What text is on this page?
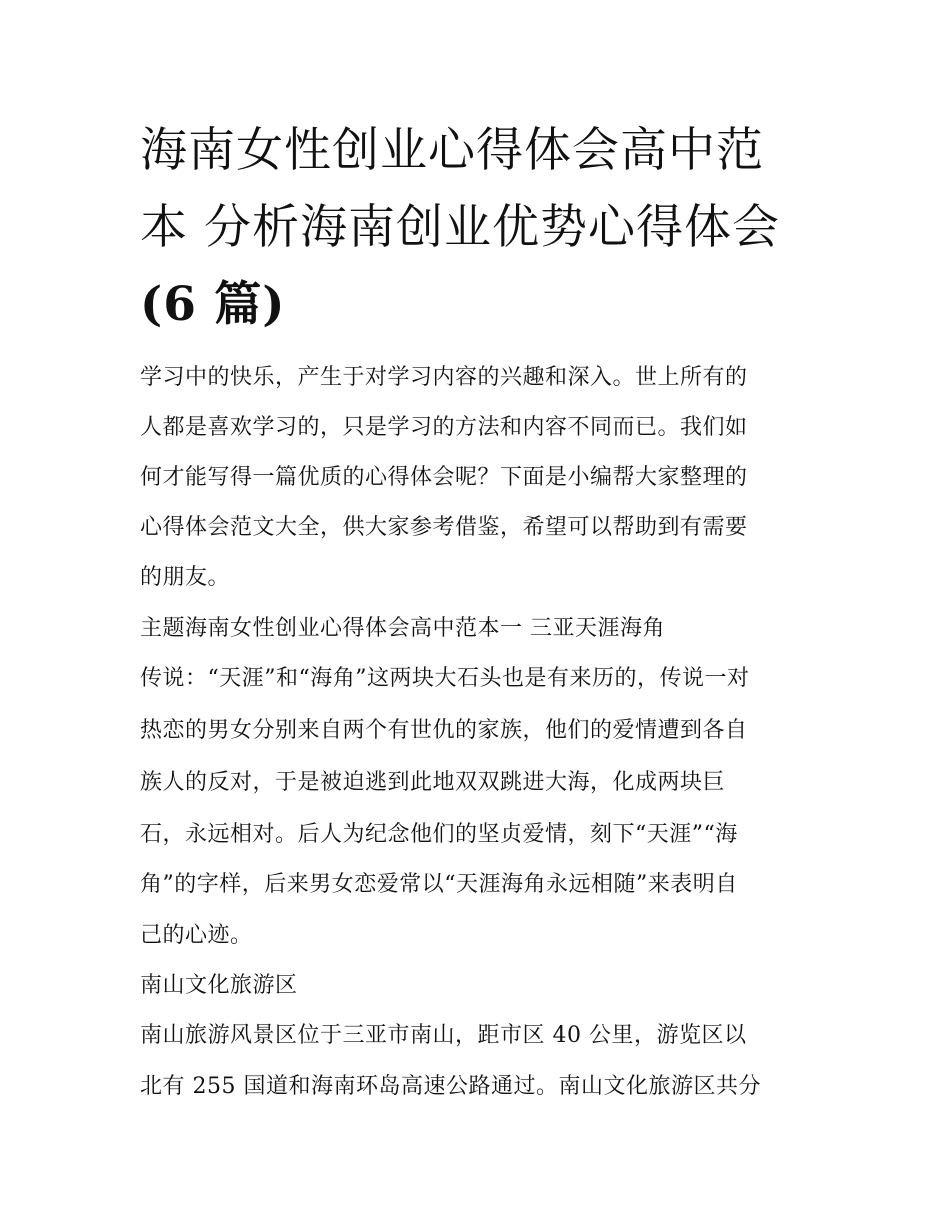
海南女性创业心得体会高中范
本 分析海南创业优势心得体会
(6 篇)
学习中的快乐，产生于对学习内容的兴趣和深入。世上所有的
人都是喜欢学习的，只是学习的方法和内容不同而已。我们如
何才能写得一篇优质的心得体会呢？下面是小编帮大家整理的
心得体会范文大全，供大家参考借鉴，希望可以帮助到有需要
的朋友。
主题海南女性创业心得体会高中范本一 三亚天涯海角
传说：“天涯”和“海角”这两块大石头也是有来历的，传说一对
热恋的男女分别来自两个有世仇的家族，他们的爱情遭到各自
族人的反对，于是被迫逃到此地双双跳进大海，化成两块巨
石，永远相对。后人为纪念他们的坚贞爱情，刻下“天涯”“海
角”的字样，后来男女恋爱常以“天涯海角永远相随”来表明自
己的心迹。
南山文化旅游区
南山旅游风景区位于三亚市南山，距市区 40 公里，游览区以
北有 255 国道和海南环岛高速公路通过。南山文化旅游区共分
